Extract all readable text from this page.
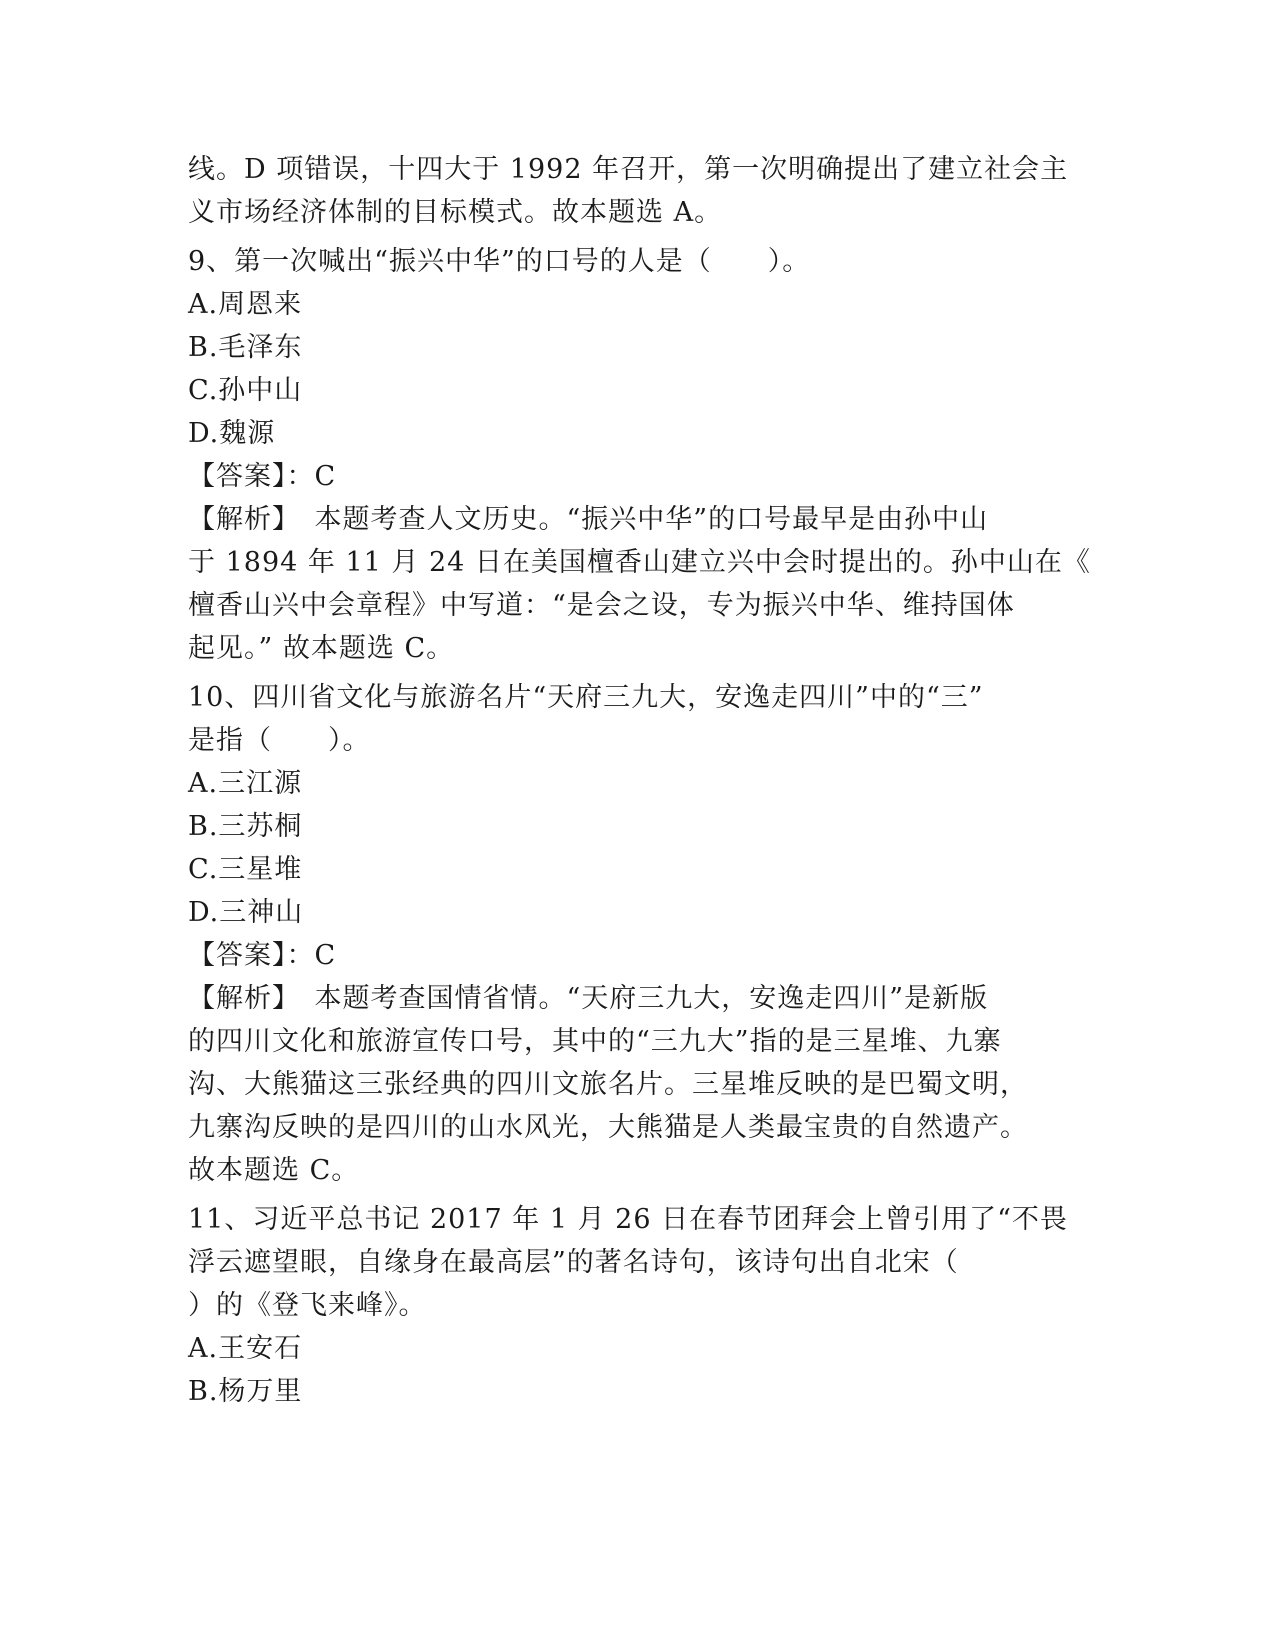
线。D 项错误，十四大于 1992 年召开，第一次明确提出了建立社会主
义市场经济体制的目标模式。故本题选 A。
9、第一次喊出“振兴中华”的口号的人是（　　）。
A.周恩来
B.毛泽东
C.孙中山
D.魏源
【答案】：C
【解析】　本题考查人文历史。“振兴中华”的口号最早是由孙中山
于 1894 年 11 月 24 日在美国檀香山建立兴中会时提出的。孙中山在《
檀香山兴中会章程》中写道：“是会之设，专为振兴中华、维持国体
起见。” 故本题选 C。
10、四川省文化与旅游名片“天府三九大，安逸走四川”中的“三”
是指（　　）。
A.三江源
B.三苏桐
C.三星堆
D.三神山
【答案】：C
【解析】　本题考查国情省情。“天府三九大，安逸走四川”是新版
的四川文化和旅游宣传口号，其中的“三九大”指的是三星堆、九寨
沟、大熊猫这三张经典的四川文旅名片。三星堆反映的是巴蜀文明，
九寨沟反映的是四川的山水风光，大熊猫是人类最宝贵的自然遗产。
故本题选 C。
11、习近平总书记 2017 年 1 月 26 日在春节团拜会上曾引用了“不畏
浮云遮望眼，自缘身在最高层”的著名诗句，该诗句出自北宋（
）的《登飞来峰》。
A.王安石
B.杨万里
